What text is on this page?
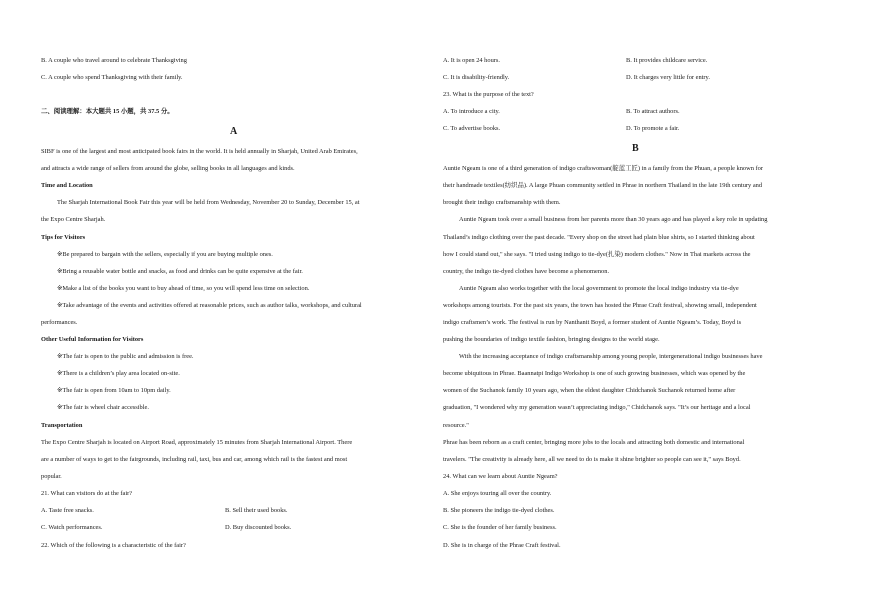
B. A couple who travel around to celebrate Thanksgiving
C. A couple who spend Thanksgiving with their family.
二、阅读理解：本大题共 15 小题，共 37.5 分。
A
SIBF is one of the largest and most anticipated book fairs in the world. It is held annually in Sharjah, United Arab Emirates,
and attracts a wide range of sellers from around the globe, selling books in all languages and kinds.
Time and Location
The Sharjah International Book Fair this year will be held from Wednesday, November 20 to Sunday, December 15, at
the Expo Centre Sharjah.
Tips for Visitors
※Be prepared to bargain with the sellers, especially if you are buying multiple ones.
※Bring a reusable water bottle and snacks, as food and drinks can be quite expensive at the fair.
※Make a list of the books you want to buy ahead of time, so you will spend less time on selection.
※Take advantage of the events and activities offered at reasonable prices, such as author talks, workshops, and cultural
performances.
Other Useful Information for Visitors
※The fair is open to the public and admission is free.
※There is a children’s play area located on-site.
※The fair is open from 10am to 10pm daily.
※The fair is wheel chair accessible.
Transportation
The Expo Centre Sharjah is located on Airport Road, approximately 15 minutes from Sharjah International Airport. There
are a number of ways to get to the fairgrounds, including rail, taxi, bus and car, among which rail is the fastest and most
popular.
21. What can visitors do at the fair?
A. Taste free snacks.	B. Sell their used books.
C. Watch performances.	D. Buy discounted books.
22. Which of the following is a characteristic of the fair?
A. It is open 24 hours.	B. It provides childcare service.
C. It is disability-friendly.	D. It charges very little for entry.
23. What is the purpose of the text?
A. To introduce a city.	B. To attract authors.
C. To advertise books.	D. To promote a fair.
B
Auntie Ngeam is one of a third generation of indigo craftswoman(靛蓝工匠) in a family from the Phuan, a people known for
their handmade textiles(纺织品). A large Phuan community settled in Phrae in northern Thailand in the late 19th century and
brought their indigo craftsmanship with them.
Auntie Ngeam took over a small business from her parents more than 30 years ago and has played a key role in updating
Thailand’s indigo clothing over the past decade. "Every shop on the street had plain blue shirts, so I started thinking about
how I could stand out," she says. "I tried using indigo to tie-dye(扎染) modern clothes." Now in Thai markets across the
country, the indigo tie-dyed clothes have become a phenomenon.
Auntie Ngeam also works together with the local government to promote the local indigo industry via tie-dye
workshops among tourists. For the past six years, the town has hosted the Phrae Craft festival, showing small, independent
indigo craftsmen’s work. The festival is run by Nanthanit Boyd, a former student of Auntie Ngeam’s. Today, Boyd is
pushing the boundaries of indigo textile fashion, bringing designs to the world stage.
With the increasing acceptance of indigo craftsmanship among young people, intergenerational indigo businesses have
become ubiquitous in Phrae. Baannatpi Indigo Workshop is one of such growing businesses, which was opened by the
women of the Suchanok family 10 years ago, when the eldest daughter Chidchanok Suchanok returned home after
graduation, "I wondered why my generation wasn’t appreciating indigo," Chidchanok says. "It’s our heritage and a local
resource."
Phrae has been reborn as a craft center, bringing more jobs to the locals and attracting both domestic and international
travelers. "The creativity is already here, all we need to do is make it shine brighter so people can see it," says Boyd.
24. What can we learn about Auntie Ngeam?
A. She enjoys touring all over the country.
B. She pioneers the indigo tie-dyed clothes.
C. She is the founder of her family business.
D. She is in charge of the Phrae Craft festival.
